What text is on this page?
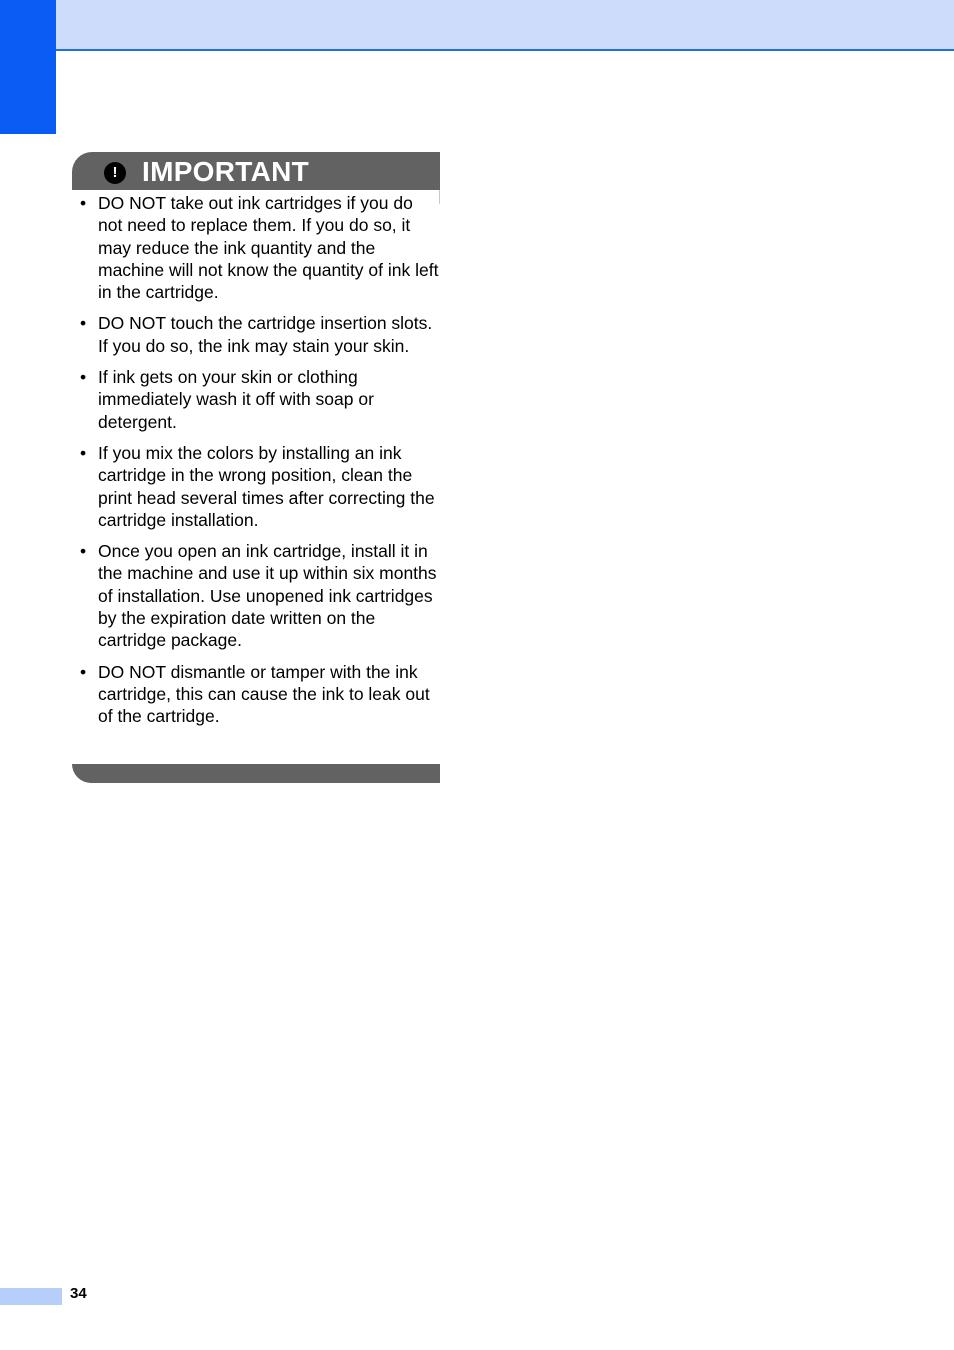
! IMPORTANT
• DO NOT take out ink cartridges if you do not need to replace them. If you do so, it may reduce the ink quantity and the machine will not know the quantity of ink left in the cartridge.
• DO NOT touch the cartridge insertion slots. If you do so, the ink may stain your skin.
• If ink gets on your skin or clothing immediately wash it off with soap or detergent.
• If you mix the colors by installing an ink cartridge in the wrong position, clean the print head several times after correcting the cartridge installation.
• Once you open an ink cartridge, install it in the machine and use it up within six months of installation. Use unopened ink cartridges by the expiration date written on the cartridge package.
• DO NOT dismantle or tamper with the ink cartridge, this can cause the ink to leak out of the cartridge.
34
